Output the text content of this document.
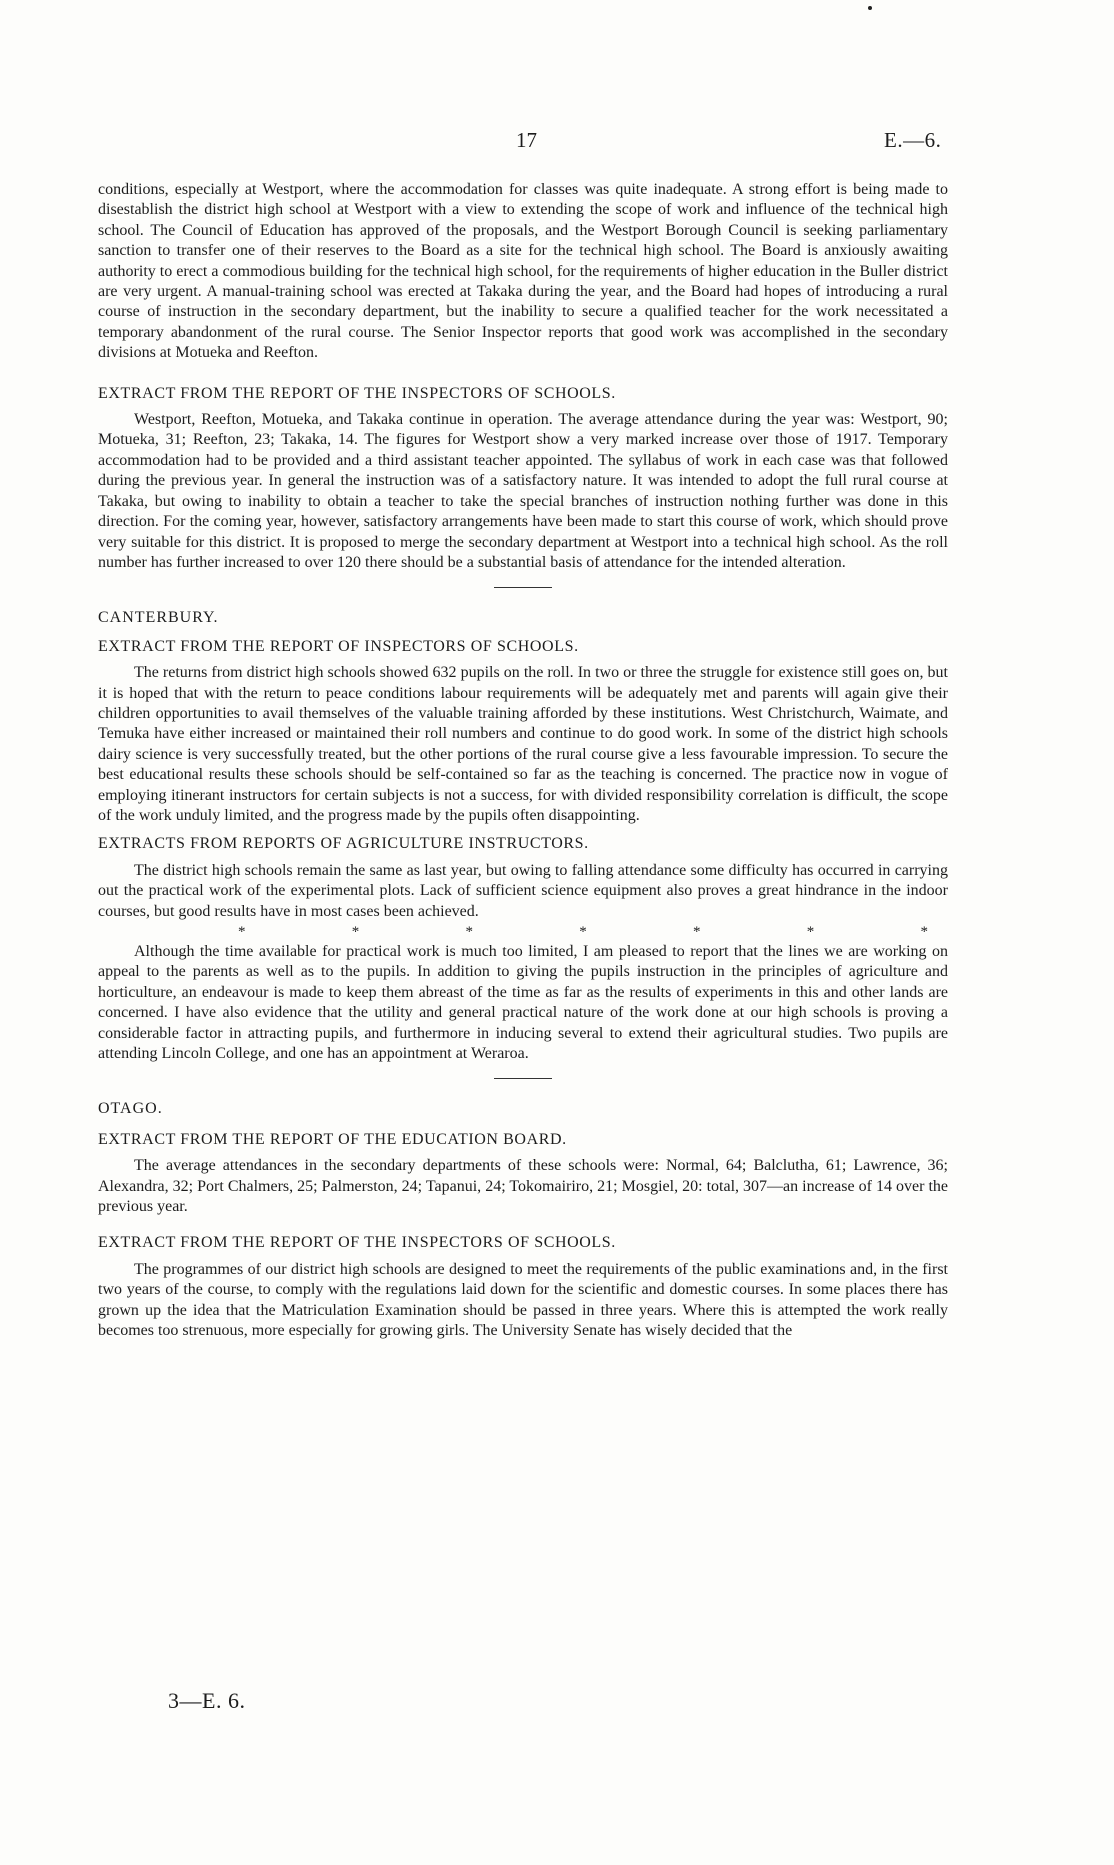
17	E.—6.

conditions, especially at Westport, where the accommodation for classes was quite inadequate. A strong effort is being made to disestablish the district high school at Westport with a view to extending the scope of work and influence of the technical high school. The Council of Education has approved of the proposals, and the Westport Borough Council is seeking parliamentary sanction to transfer one of their reserves to the Board as a site for the technical high school. The Board is anxiously awaiting authority to erect a commodious building for the technical high school, for the requirements of higher education in the Buller district are very urgent. A manual-training school was erected at Takaka during the year, and the Board had hopes of introducing a rural course of instruction in the secondary department, but the inability to secure a qualified teacher for the work necessitated a temporary abandonment of the rural course. The Senior Inspector reports that good work was accomplished in the secondary divisions at Motueka and Reefton.

EXTRACT FROM THE REPORT OF THE INSPECTORS OF SCHOOLS.

Westport, Reefton, Motueka, and Takaka continue in operation. The average attendance during the year was: Westport, 90; Motueka, 31; Reefton, 23; Takaka, 14. The figures for Westport show a very marked increase over those of 1917. Temporary accommodation had to be provided and a third assistant teacher appointed. The syllabus of work in each case was that followed during the previous year. In general the instruction was of a satisfactory nature. It was intended to adopt the full rural course at Takaka, but owing to inability to obtain a teacher to take the special branches of instruction nothing further was done in this direction. For the coming year, however, satisfactory arrangements have been made to start this course of work, which should prove very suitable for this district. It is proposed to merge the secondary department at Westport into a technical high school. As the roll number has further increased to over 120 there should be a substantial basis of attendance for the intended alteration.

CANTERBURY.

EXTRACT FROM THE REPORT OF INSPECTORS OF SCHOOLS.

The returns from district high schools showed 632 pupils on the roll. In two or three the struggle for existence still goes on, but it is hoped that with the return to peace conditions labour requirements will be adequately met and parents will again give their children opportunities to avail themselves of the valuable training afforded by these institutions. West Christchurch, Waimate, and Temuka have either increased or maintained their roll numbers and continue to do good work. In some of the district high schools dairy science is very successfully treated, but the other portions of the rural course give a less favourable impression. To secure the best educational results these schools should be self-contained so far as the teaching is concerned. The practice now in vogue of employing itinerant instructors for certain subjects is not a success, for with divided responsibility correlation is difficult, the scope of the work unduly limited, and the progress made by the pupils often disappointing.

EXTRACTS FROM REPORTS OF AGRICULTURE INSTRUCTORS.

The district high schools remain the same as last year, but owing to falling attendance some difficulty has occurred in carrying out the practical work of the experimental plots. Lack of sufficient science equipment also proves a great hindrance in the indoor courses, but good results have in most cases been achieved.

*	*	*	*	*	*	*

Although the time available for practical work is much too limited, I am pleased to report that the lines we are working on appeal to the parents as well as to the pupils. In addition to giving the pupils instruction in the principles of agriculture and horticulture, an endeavour is made to keep them abreast of the time as far as the results of experiments in this and other lands are concerned. I have also evidence that the utility and general practical nature of the work done at our high schools is proving a considerable factor in attracting pupils, and furthermore in inducing several to extend their agricultural studies. Two pupils are attending Lincoln College, and one has an appointment at Weraroa.

OTAGO.

EXTRACT FROM THE REPORT OF THE EDUCATION BOARD.

The average attendances in the secondary departments of these schools were: Normal, 64; Balclutha, 61; Lawrence, 36; Alexandra, 32; Port Chalmers, 25; Palmerston, 24; Tapanui, 24; Tokomairiro, 21; Mosgiel, 20: total, 307—an increase of 14 over the previous year.

EXTRACT FROM THE REPORT OF THE INSPECTORS OF SCHOOLS.

The programmes of our district high schools are designed to meet the requirements of the public examinations and, in the first two years of the course, to comply with the regulations laid down for the scientific and domestic courses. In some places there has grown up the idea that the Matriculation Examination should be passed in three years. Where this is attempted the work really becomes too strenuous, more especially for growing girls. The University Senate has wisely decided that the

3—E. 6.
